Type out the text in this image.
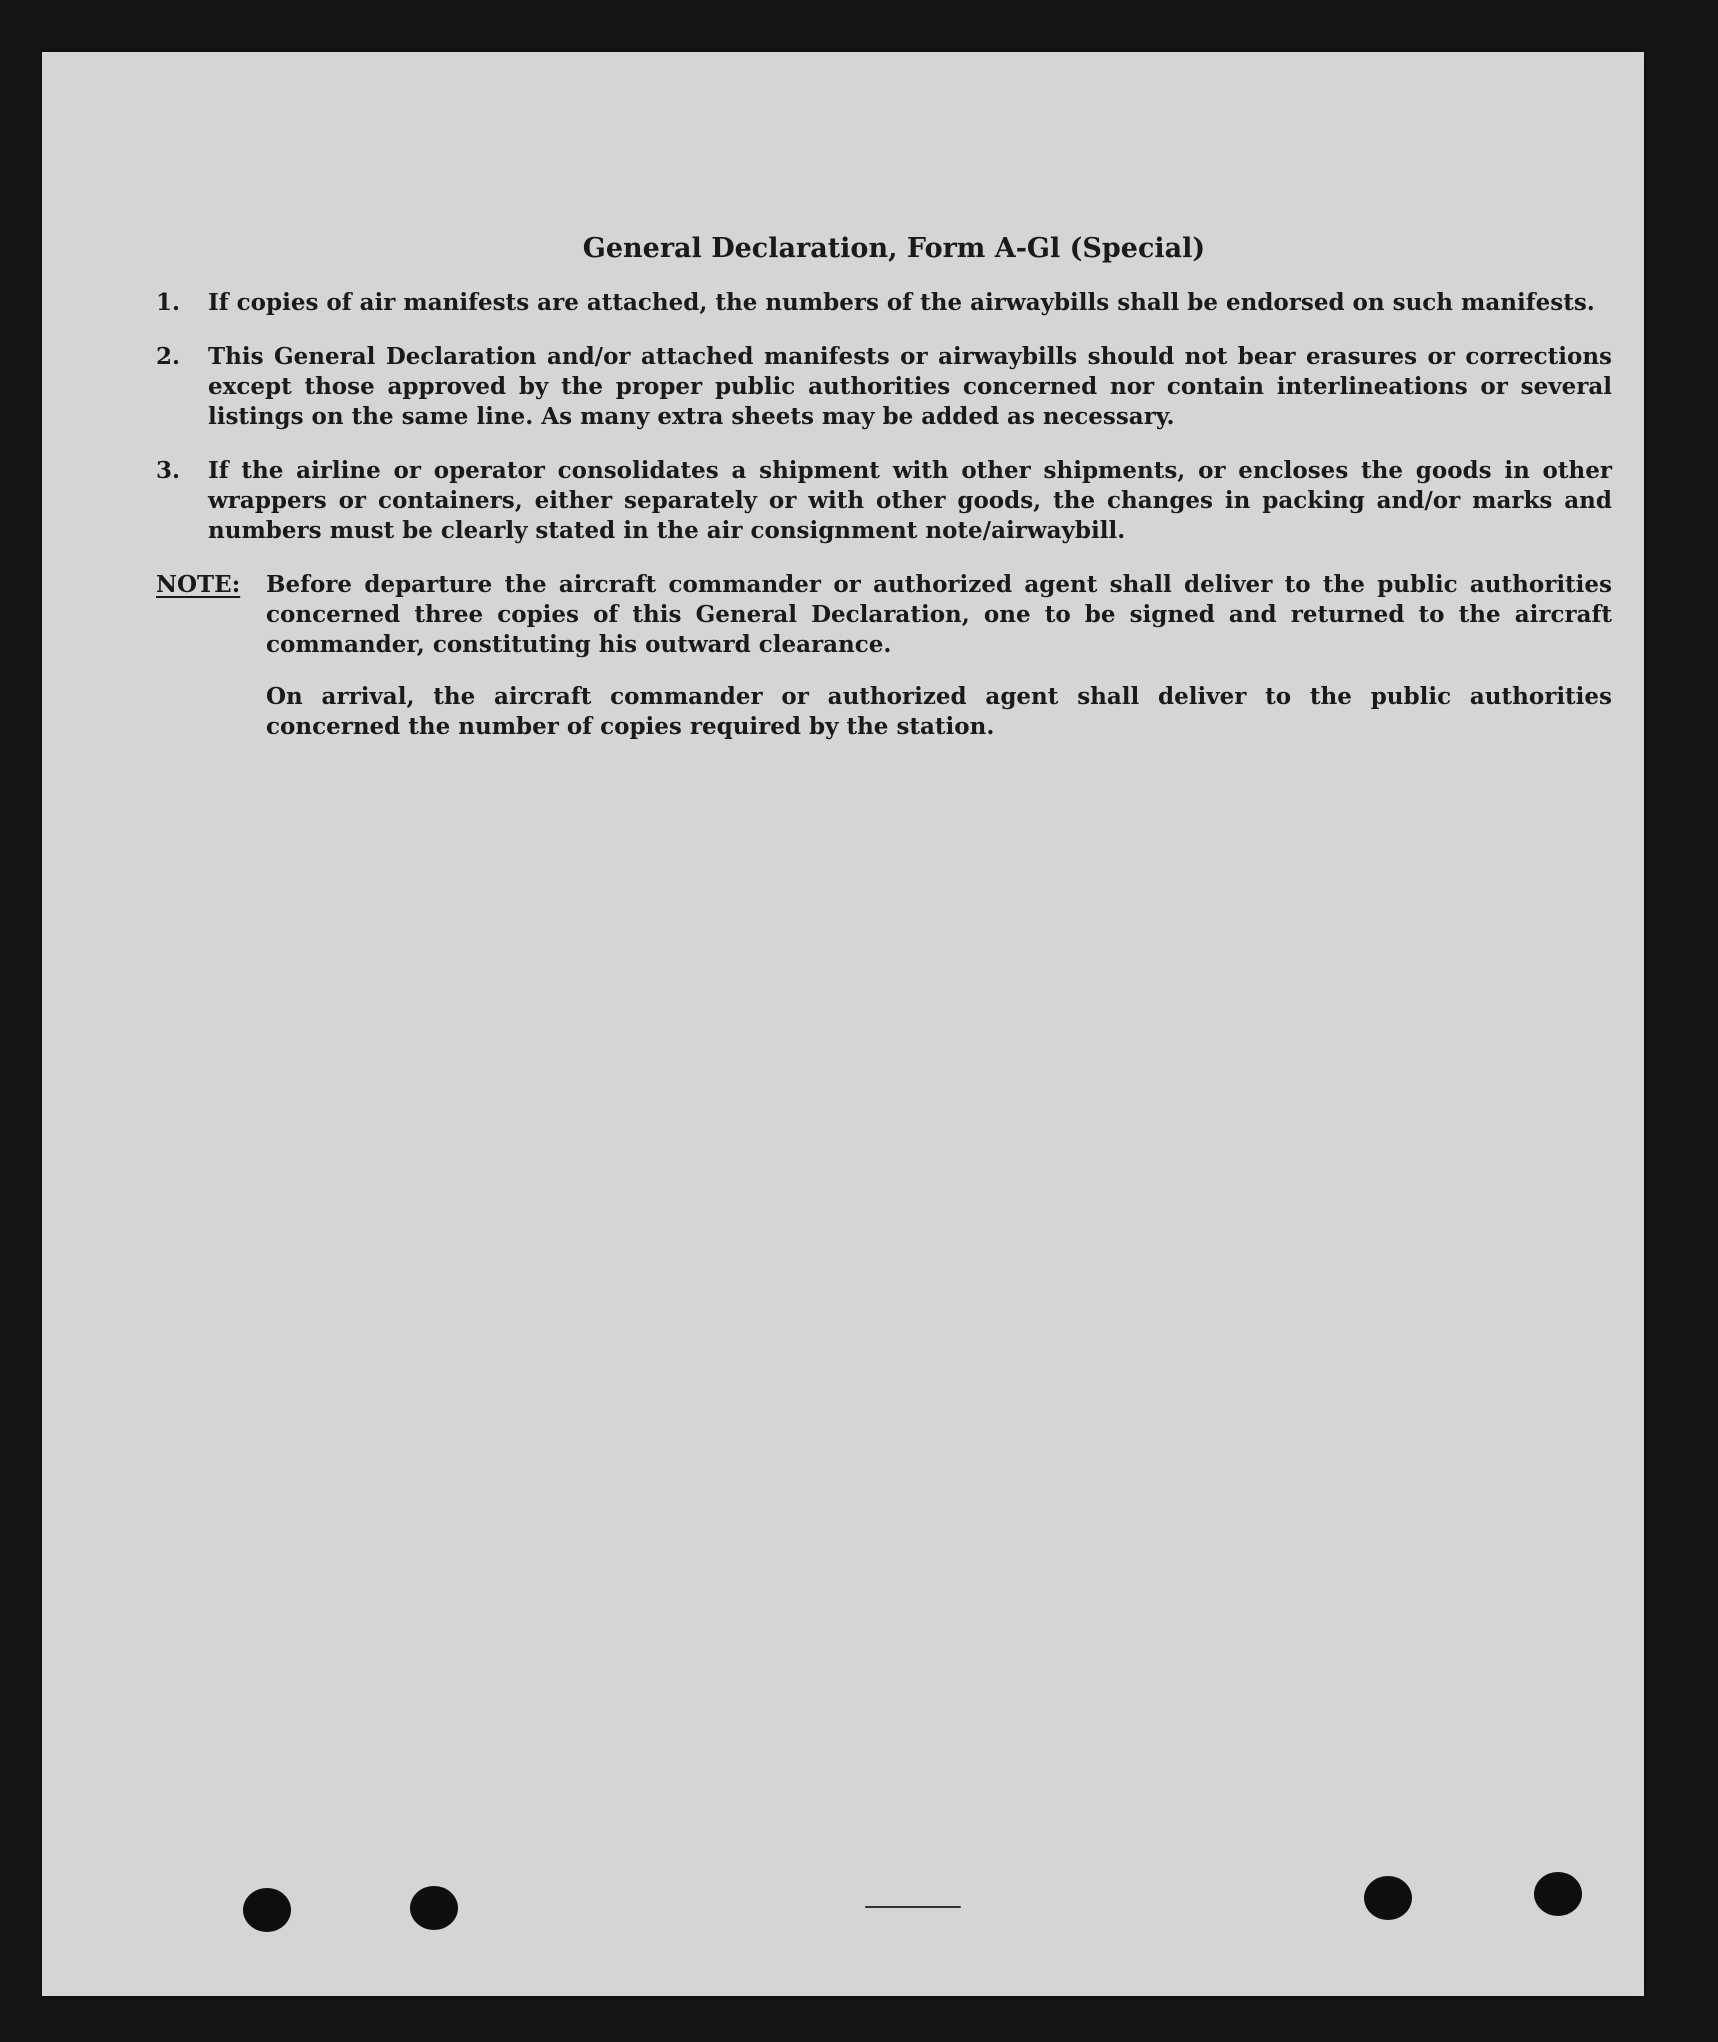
General Declaration, Form A-Gl (Special)
1.	If copies of air manifests are attached, the numbers of the airwaybills shall be endorsed on such manifests.
2.	This General Declaration and/or attached manifests or airwaybills should not bear erasures or corrections except those approved by the proper public authorities concerned nor contain interlineations or several listings on the same line. As many extra sheets may be added as necessary.
3.	If the airline or operator consolidates a shipment with other shipments, or encloses the goods in other wrappers or containers, either separately or with other goods, the changes in packing and/or marks and numbers must be clearly stated in the air consignment note/airwaybill.
NOTE:	Before departure the aircraft commander or authorized agent shall deliver to the public authorities concerned three copies of this General Declaration, one to be signed and returned to the aircraft commander, constituting his outward clearance.

On arrival, the aircraft commander or authorized agent shall deliver to the public authorities concerned the number of copies required by the station.
